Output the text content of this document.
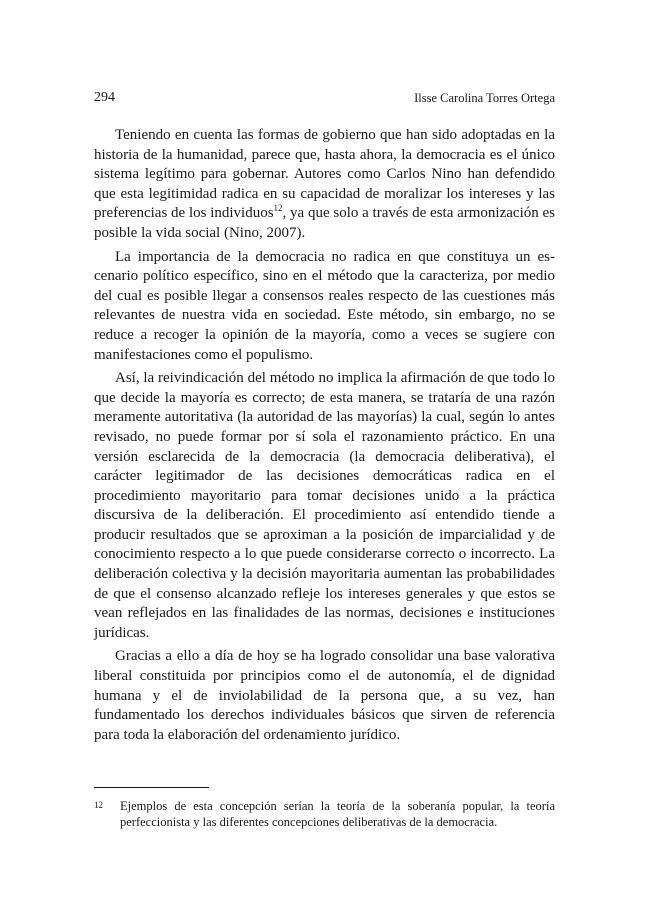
294	Ilsse Carolina Torres Ortega

Teniendo en cuenta las formas de gobierno que han sido adoptadas en la historia de la humanidad, parece que, hasta ahora, la democracia es el único sistema legítimo para gobernar. Autores como Carlos Nino han defendido que esta legitimidad radica en su capacidad de moralizar los intereses y las preferencias de los individuos$^{12}$, ya que solo a través de esta armonización es posible la vida social (Nino, 2007).

La importancia de la democracia no radica en que constituya un escenario político específico, sino en el método que la caracteriza, por medio del cual es posible llegar a consensos reales respecto de las cuestiones más relevantes de nuestra vida en sociedad. Este método, sin embargo, no se reduce a recoger la opinión de la mayoría, como a veces se sugiere con manifestaciones como el populismo.

Así, la reivindicación del método no implica la afirmación de que todo lo que decide la mayoría es correcto; de esta manera, se trataría de una razón meramente autoritativa (la autoridad de las mayorías) la cual, según lo antes revisado, no puede formar por sí sola el razonamiento práctico. En una versión esclarecida de la democracia (la democracia deliberativa), el carácter legitimador de las decisiones democráticas radica en el procedimiento mayoritario para tomar decisiones unido a la práctica discursiva de la deliberación. El procedimiento así entendido tiende a producir resultados que se aproximan a la posición de imparcialidad y de conocimiento respecto a lo que puede considerarse correcto o incorrecto. La deliberación colectiva y la decisión mayoritaria aumentan las probabilidades de que el consenso alcanzado refleje los intereses generales y que estos se vean reflejados en las finalidades de las normas, decisiones e instituciones jurídicas.

Gracias a ello a día de hoy se ha logrado consolidar una base valorativa liberal constituida por principios como el de autonomía, el de dignidad humana y el de inviolabilidad de la persona que, a su vez, han fundamentado los derechos individuales básicos que sirven de referencia para toda la elaboración del ordenamiento jurídico.

12 Ejemplos de esta concepción serían la teoría de la soberanía popular, la teoría perfeccionista y las diferentes concepciones deliberativas de la democracia.
